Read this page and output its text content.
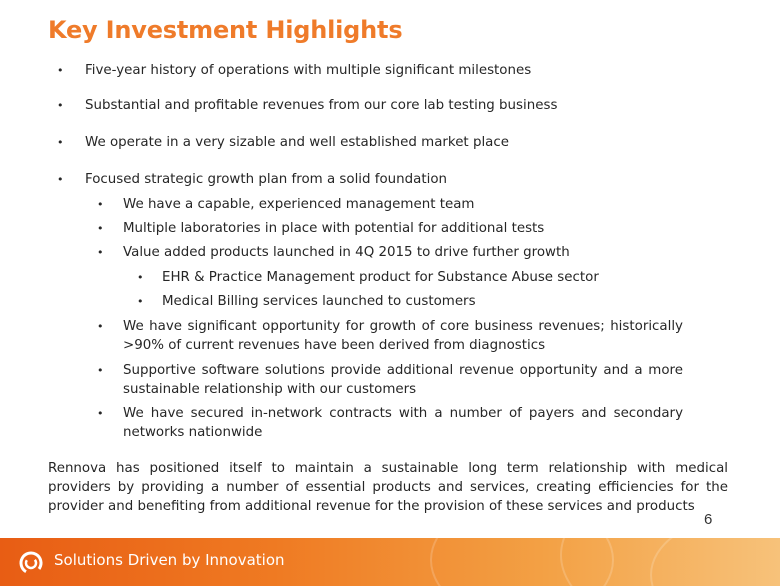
Key Investment Highlights
• Five-year history of operations with multiple significant milestones
• Substantial and profitable revenues from our core lab testing business
• We operate in a very sizable and well established market place
• Focused strategic growth plan from a solid foundation
• We have a capable, experienced management team
• Multiple laboratories in place with potential for additional tests
• Value added products launched in 4Q 2015 to drive further growth
• EHR & Practice Management product for Substance Abuse sector
• Medical Billing services launched to customers
• We have significant opportunity for growth of core business revenues; historically >90% of current revenues have been derived from diagnostics
• Supportive software solutions provide additional revenue opportunity and a more sustainable relationship with our customers
• We have secured in-network contracts with a number of payers and secondary networks nationwide
Rennova has positioned itself to maintain a sustainable long term relationship with medical providers by providing a number of essential products and services, creating efficiencies for the provider and benefiting from additional revenue for the provision of these services and products
6
Solutions Driven by Innovation
